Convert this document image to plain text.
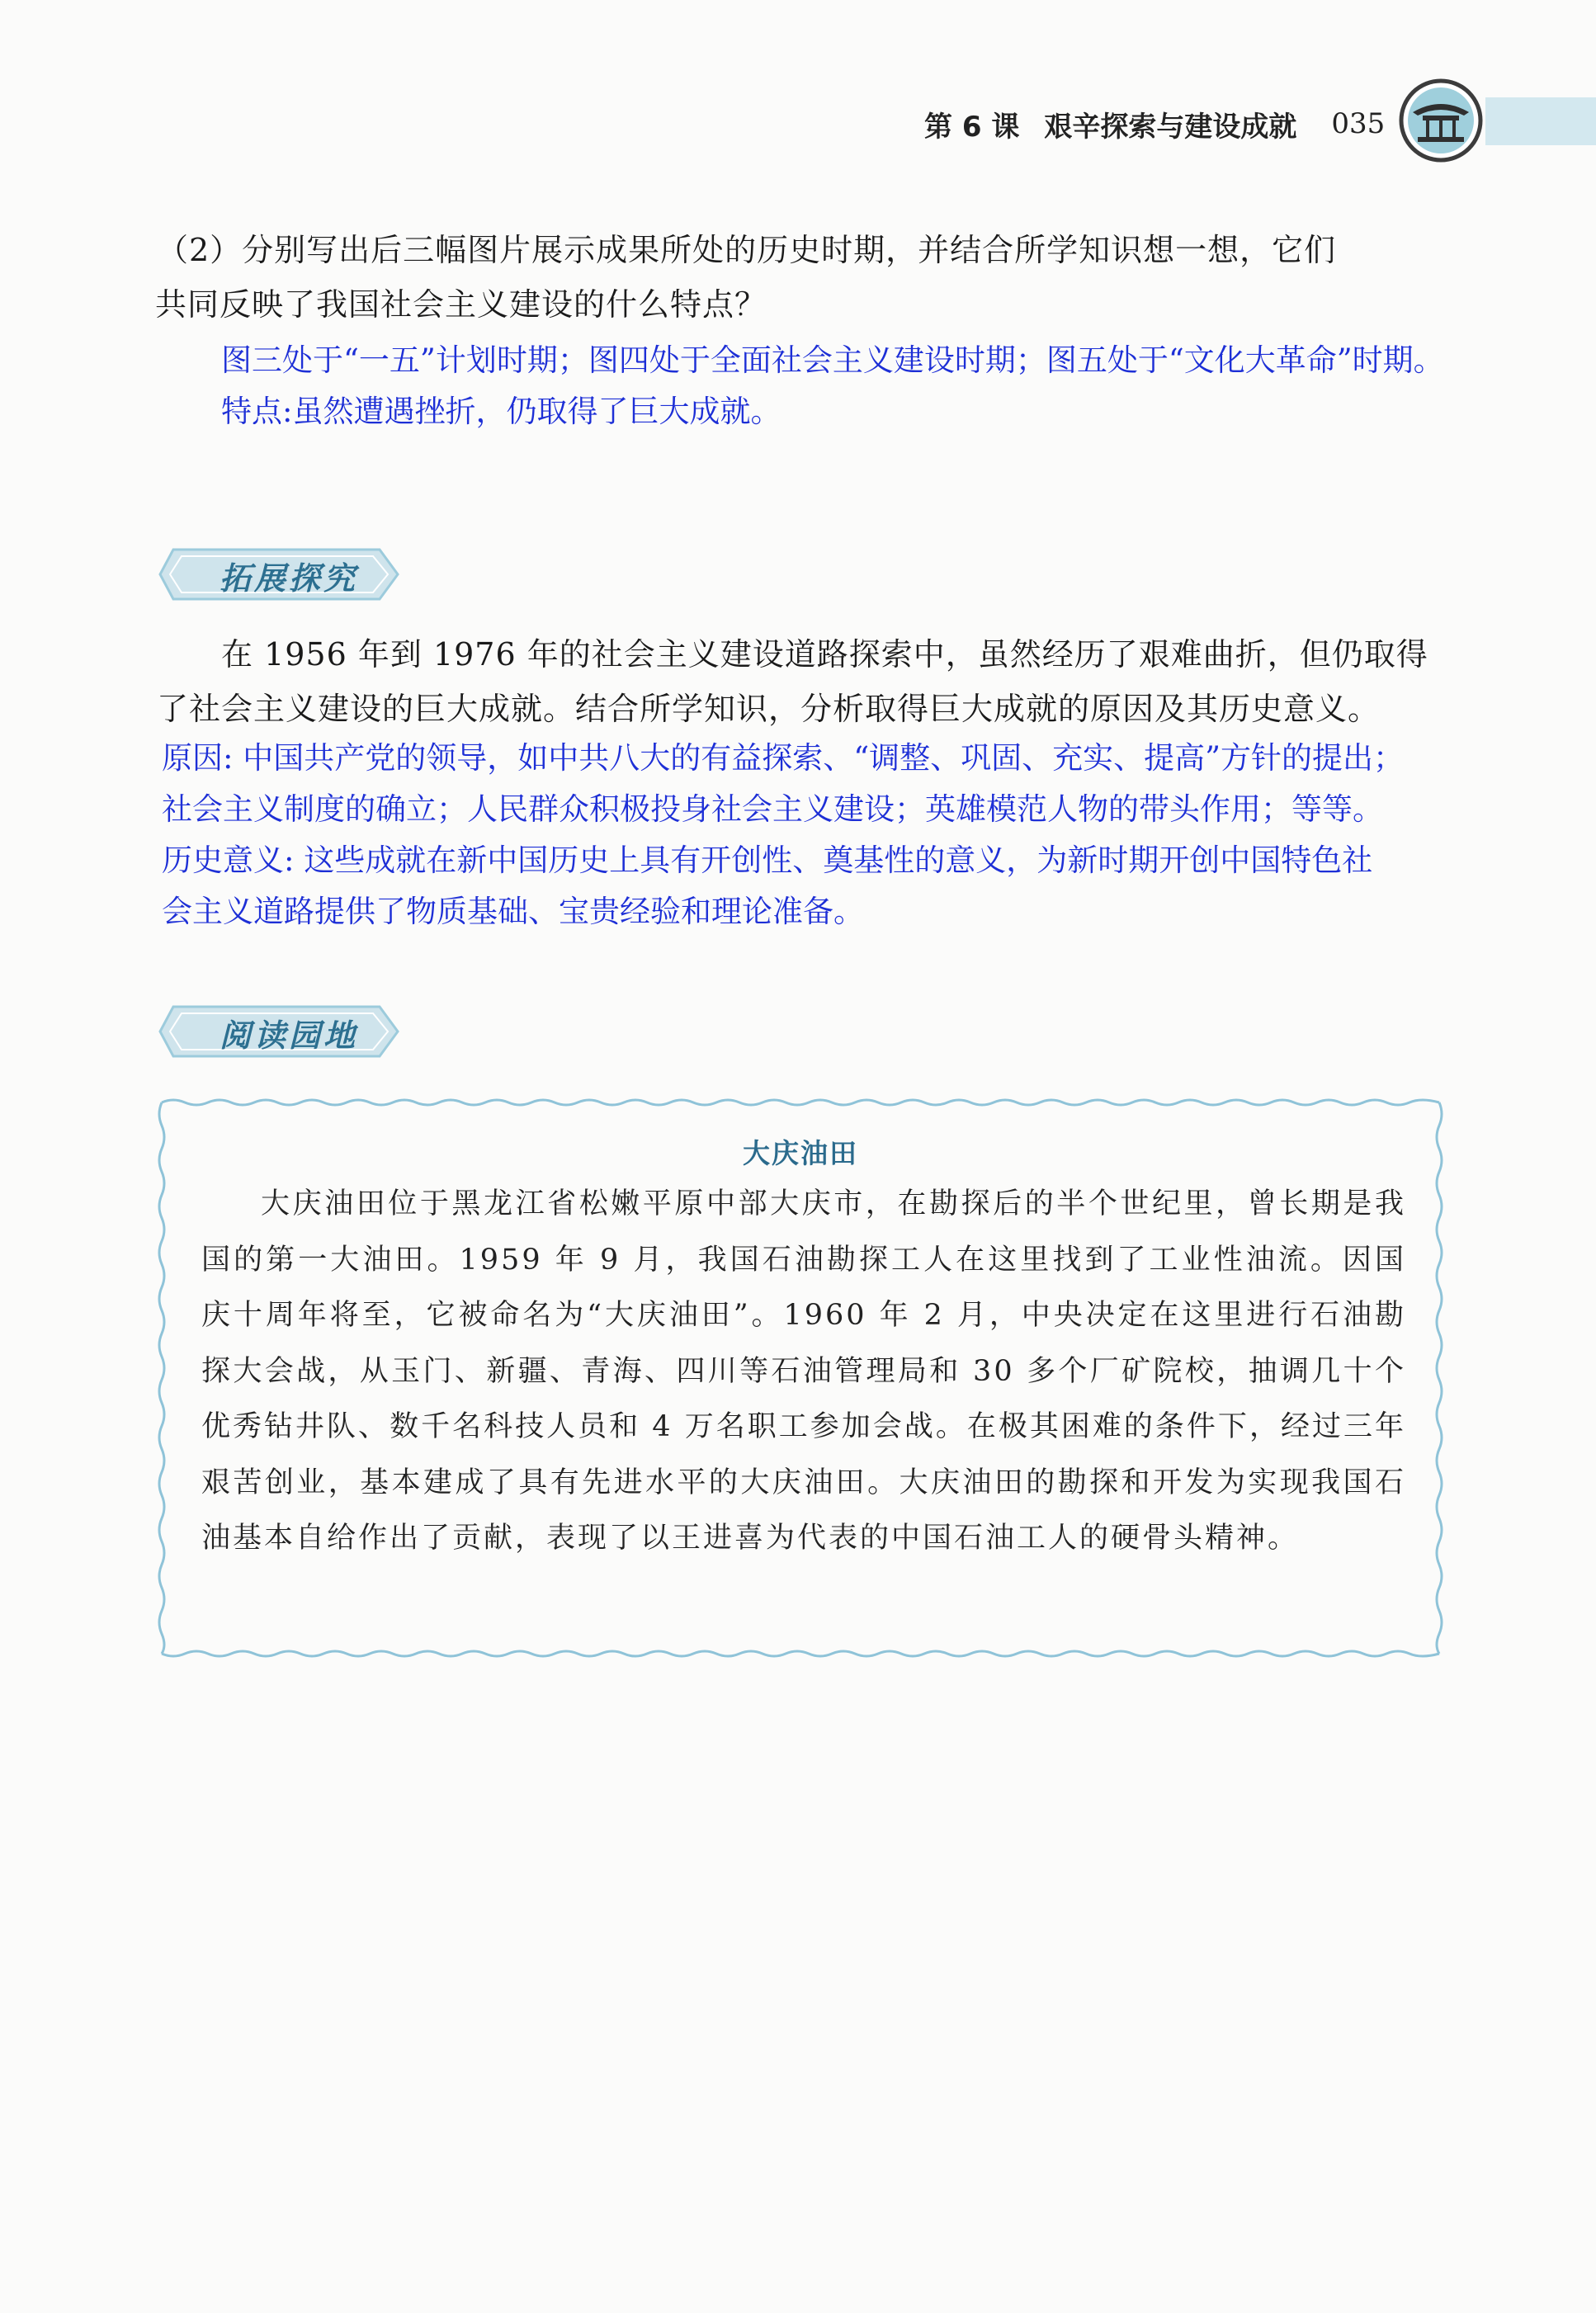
第 6 课 艰辛探索与建设成就 035
（2）分别写出后三幅图片展示成果所处的历史时期，并结合所学知识想一想，它们
共同反映了我国社会主义建设的什么特点？
图三处于“一五”计划时期；图四处于全面社会主义建设时期；图五处于“文化大革命”时期。
特点:虽然遭遇挫折，仍取得了巨大成就。
拓展探究
在 1956 年到 1976 年的社会主义建设道路探索中，虽然经历了艰难曲折，但仍取得
了社会主义建设的巨大成就。结合所学知识，分析取得巨大成就的原因及其历史意义。
原因: 中国共产党的领导，如中共八大的有益探索、“调整、巩固、充实、提高”方针的提出；
社会主义制度的确立；人民群众积极投身社会主义建设；英雄模范人物的带头作用；等等。
历史意义: 这些成就在新中国历史上具有开创性、奠基性的意义，为新时期开创中国特色社
会主义道路提供了物质基础、宝贵经验和理论准备。
阅读园地
大庆油田
大庆油田位于黑龙江省松嫩平原中部大庆市，在勘探后的半个世纪里，曾长期是我国的第一大油田。1959 年 9 月，我国石油勘探工人在这里找到了工业性油流。因国庆十周年将至，它被命名为“大庆油田”。1960 年 2 月，中央决定在这里进行石油勘探大会战，从玉门、新疆、青海、四川等石油管理局和 30 多个厂矿院校，抽调几十个优秀钻井队、数千名科技人员和 4 万名职工参加会战。在极其困难的条件下，经过三年艰苦创业，基本建成了具有先进水平的大庆油田。大庆油田的勘探和开发为实现我国石油基本自给作出了贡献，表现了以王进喜为代表的中国石油工人的硬骨头精神。
